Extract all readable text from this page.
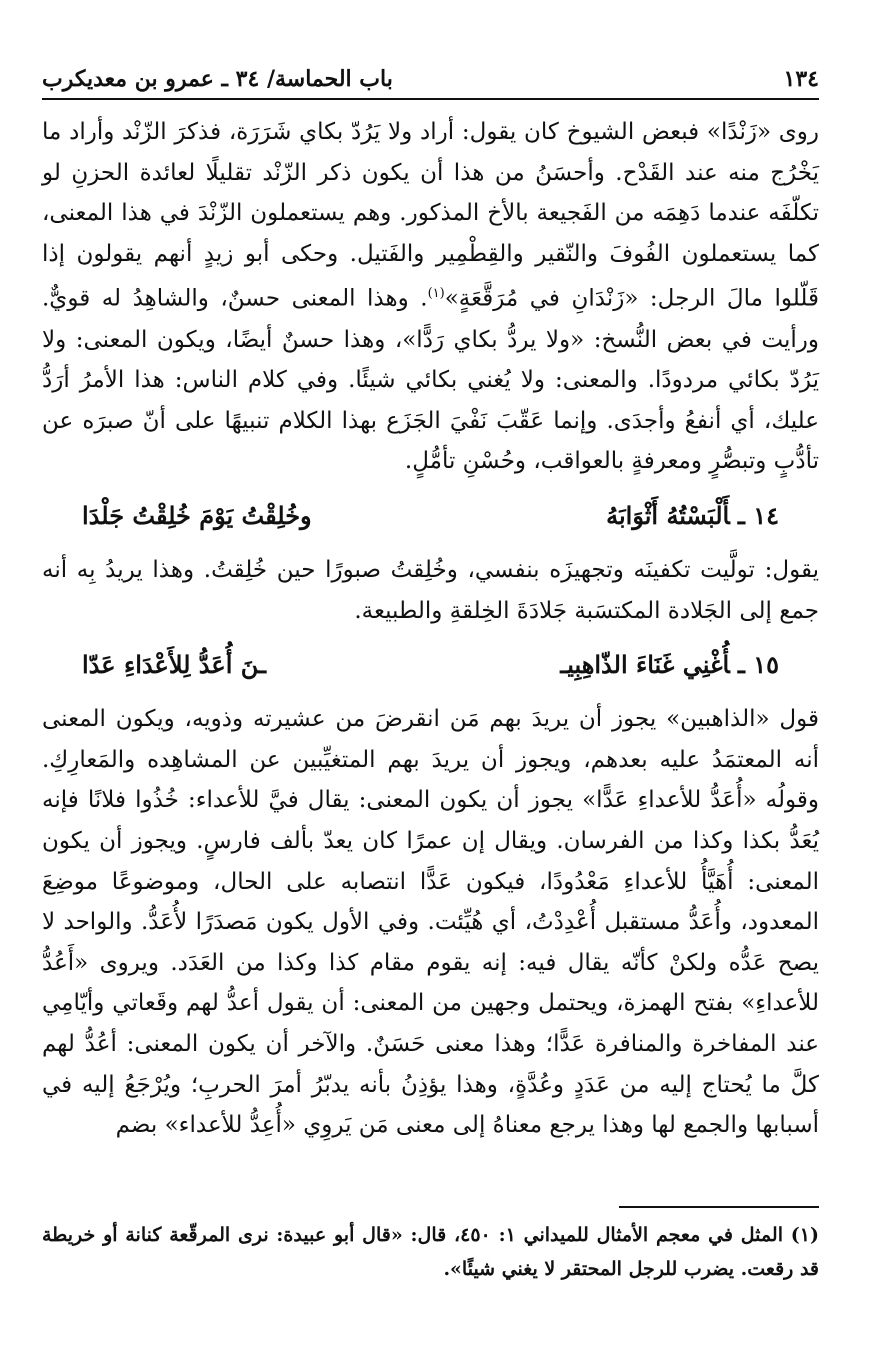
١٣٤
باب الحماسة/ ٣٤ ـ عمرو بن معديكرب

روى «زَنْدًا» فبعض الشيوخ كان يقول: أراد ولا يَرُدّ بكاي شَرَرَة، فذكرَ الزّنْد وأراد ما يَخْرُج منه عند القَدْح. وأحسَنُ من هذا أن يكون ذكر الزّنْد تقليلًا لعائدة الحزنِ لو تكلّفَه عندما دَهِمَه من الفَجيعة بالأخ المذكور. وهم يستعملون الزّنْدَ في هذا المعنى، كما يستعملون الفُوفَ والنّقير والقِطْمِير والفَتيل. وحكى أبو زيدٍ أنهم يقولون إذا قَلّلوا مالَ الرجل: «زَنْدَانِ في مُرَقَّعَةٍ»$^{(١)}$. وهذا المعنى حسنٌ، والشاهِدُ له قويٌّ. ورأيت في بعض النُّسخ: «ولا يردُّ بكاي رَدًّا»، وهذا حسنٌ أيضًا، ويكون المعنى: ولا يَرُدّ بكائي مردودًا. والمعنى: ولا يُغني بكائي شيئًا. وفي كلام الناس: هذا الأمرُ أرَدُّ عليك، أي أنفعُ وأجدَى. وإنما عَقّبَ نَفْيَ الجَزَع بهذا الكلام تنبيهًا على أنّ صبرَه عن تأدُّبٍ وتبصُّرٍ ومعرفةٍ بالعواقب، وحُسْنِ تأمُّلٍ.

١٤ ـأَلْبَسْتُهُ أَثْوَابَهُ
وخُلِقْتُ يَوْمَ خُلِقْتُ جَلْدَا

يقول: تولَّيت تكفينَه وتجهيزَه بنفسي، وخُلِقتُ صبورًا حين خُلِقتُ. وهذا يريدُ بِه أنه جمع إلى الجَلادة المكتسَبة جَلادَةَ الخِلقةِ والطبيعة.

١٥ ـأُغْنِي غَنَاءَ الذّاهِبِيـ
ـنَ أُعَدُّ لِلأَعْدَاءِ عَدّا

قول «الذاهبين» يجوز أن يريدَ بهم مَن انقرضَ من عشيرته وذويه، ويكون المعنى أنه المعتمَدُ عليه بعدهم، ويجوز أن يريدَ بهم المتغيِّبين عن المشاهِده والمَعارِكِ. وقولُه «أُعَدُّ للأعداءِ عَدًّا» يجوز أن يكون المعنى: يقال فيَّ للأعداء: خُذُوا فلانًا فإنه يُعَدُّ بكذا وكذا من الفرسان. ويقال إن عمرًا كان يعدّ بألف فارسٍ. ويجوز أن يكون المعنى: أُهَيَّأُ للأعداءِ مَعْدُودًا، فيكون عَدًّا انتصابه على الحال، وموضوعًا موضِعَ المعدود، وأُعَدُّ مستقبل أُعْدِدْتُ، أي هُيِّئت. وفي الأول يكون مَصدَرًا لأُعَدُّ. والواحد لا يصح عَدُّه ولكنْ كأنّه يقال فيه: إنه يقوم مقام كذا وكذا من العَدَد. ويروى «أَعُدُّ للأعداءِ» بفتح الهمزة، ويحتمل وجهين من المعنى: أن يقول أعدُّ لهم وقَعاتي وأيّامِي عند المفاخرة والمنافرة عَدًّا؛ وهذا معنى حَسَنٌ. والآخر أن يكون المعنى: أعُدُّ لهم كلَّ ما يُحتاج إليه من عَدَدٍ وعُدَّةٍ، وهذا يؤذِنُ بأنه يدبّرُ أمرَ الحربِ؛ ويُرْجَعُ إليه في أسبابها والجمع لها وهذا يرجع معناهُ إلى معنى مَن يَروِي «أُعِدُّ للأعداء» بضم

(١) المثل في معجم الأمثال للميداني ١: ٤٥٠، قال: «قال أبو عبيدة: نرى المرقّعة كنانة أو خريطة قد رقعت. يضرب للرجل المحتقر لا يغني شيئًا».
